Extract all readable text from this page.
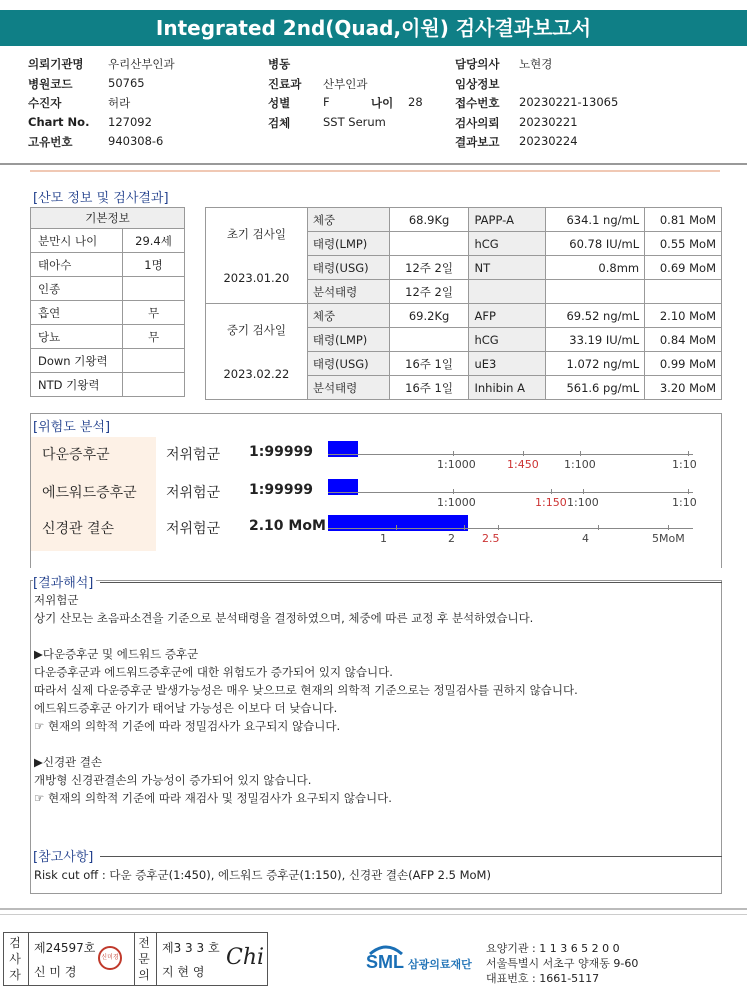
Integrated 2nd(Quad,이원) 검사결과보고서
의뢰기관명 우리산부인과	병동	담당의사 노현경
병원코드	50765	진료과 산부인과	임상정보
수진자	허라	성별	F	나이 28	접수번호 20230221-13065
Chart No. 127092	검체	SST Serum	검사의뢰 20230221
고유번호	940308-6	결과보고 20230224
[산모 정보 및 검사결과]
기본정보	
분만시 나이	29.4세
태아수	1명
인종	
흡연	무
당뇨	무
Down 기왕력	
NTD 기왕력	
초기 검사일
2023.01.20	체중	68.9Kg	PAPP-A	634.1 ng/mL	0.81 MoM
	태령(LMP)		hCG	60.78 IU/mL	0.55 MoM
	태령(USG)	12주 2일	NT	0.8mm	0.69 MoM
	분석태령	12주 2일			

중기 검사일
2023.02.22	체중	69.2Kg	AFP	69.52 ng/mL	2.10 MoM
	태령(LMP)		hCG	33.19 IU/mL	0.84 MoM
	태령(USG)	16주 1일	uE3	1.072 ng/mL	0.99 MoM
	분석태령	16주 1일	Inhibin A	561.6 pg/mL	3.20 MoM
[위험도 분석]
다운증후군	저위험군 1:99999
1:1000	1:450 1:100	1:10
에드워드증후군 저위험군 1:99999
1:1000	1:150 1:100	1:10
신경관 결손	저위험군 2.10 MoM
1	2 2.5	4	5MoM
[결과해석]
저위험군
상기 산모는 초음파소견을 기준으로 분석태령을 결정하였으며, 체중에 따른 교정 후 분석하였습니다.
▶다운증후군 및 에드워드 증후군
다운증후군과 에드워드증후군에 대한 위험도가 증가되어 있지 않습니다.
따라서 실제 다운증후군 발생가능성은 매우 낮으므로 현재의 의학적 기준으로는 정밀검사를 권하지 않습니다.
에드워드증후군 아기가 태어날 가능성은 이보다 더 낮습니다.
☞ 현재의 의학적 기준에 따라 정밀검사가 요구되지 않습니다.
▶신경관 결손
개방형 신경관결손의 가능성이 증가되어 있지 않습니다.
☞ 현재의 의학적 기준에 따라 재검사 및 정밀검사가 요구되지 않습니다.
[참고사항]
Risk cut off : 다운 증후군(1:450), 에드워드 증후군(1:150), 신경관 결손(AFP 2.5 MoM)
검사자
제24597호
신 미 경
신미경
전문의
제3 3 3 호
지 현 영
Chi	SML 삼광의료재단
요양기관 : 1 1 3 6 5 2 0 0
서울특별시 서초구 양재동 9-60
대표번호 : 1661-5117
